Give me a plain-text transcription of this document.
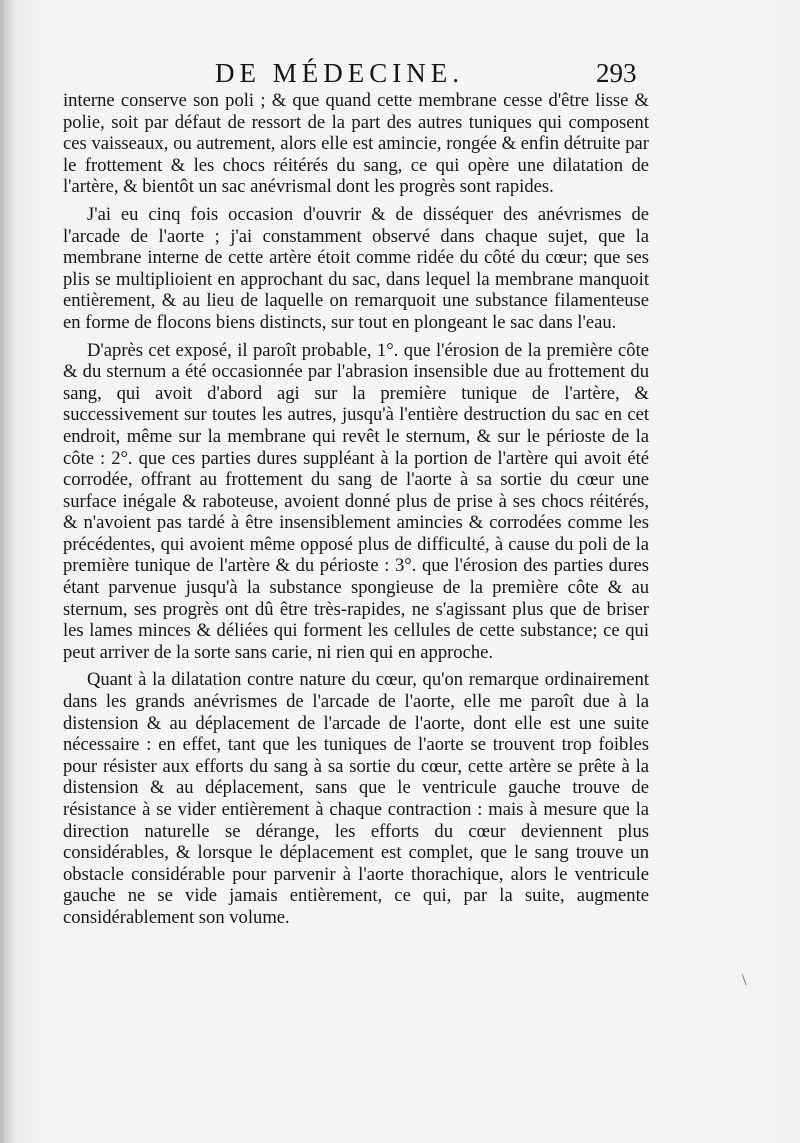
DE MÉDECINE.	293

interne conserve son poli ; & que quand cette membrane cesse d'être lisse & polie, soit par défaut de ressort de la part des autres tuniques qui composent ces vaisseaux, ou autrement, alors elle est amincie, rongée & enfin détruite par le frottement & les chocs réitérés du sang, ce qui opère une dilatation de l'artère, & bientôt un sac anévrismal dont les progrès sont rapides.

J'ai eu cinq fois occasion d'ouvrir & de disséquer des anévrismes de l'arcade de l'aorte ; j'ai constamment observé dans chaque sujet, que la membrane interne de cette artère étoit comme ridée du côté du cœur; que ses plis se multiplioient en approchant du sac, dans lequel la membrane manquoit entièrement, & au lieu de laquelle on remarquoit une substance filamenteuse en forme de flocons biens distincts, sur tout en plongeant le sac dans l'eau.

D'après cet exposé, il paroît probable, 1°. que l'érosion de la première côte & du sternum a été occasionnée par l'abrasion insensible due au frottement du sang, qui avoit d'abord agi sur la première tunique de l'artère, & successivement sur toutes les autres, jusqu'à l'entière destruction du sac en cet endroit, même sur la membrane qui revêt le sternum, & sur le périoste de la côte : 2°. que ces parties dures suppléant à la portion de l'artère qui avoit été corrodée, offrant au frottement du sang de l'aorte à sa sortie du cœur une surface inégale & raboteuse, avoient donné plus de prise à ses chocs réitérés, & n'avoient pas tardé à être insensiblement amincies & corrodées comme les précédentes, qui avoient même opposé plus de difficulté, à cause du poli de la première tunique de l'artère & du périoste : 3°. que l'érosion des parties dures étant parvenue jusqu'à la substance spongieuse de la première côte & au sternum, ses progrès ont dû être très-rapides, ne s'agissant plus que de briser les lames minces & déliées qui forment les cellules de cette substance; ce qui peut arriver de la sorte sans carie, ni rien qui en approche.

Quant à la dilatation contre nature du cœur, qu'on remarque ordinairement dans les grands anévrismes de l'arcade de l'aorte, elle me paroît due à la distension & au déplacement de l'arcade de l'aorte, dont elle est une suite nécessaire : en effet, tant que les tuniques de l'aorte se trouvent trop foibles pour résister aux efforts du sang à sa sortie du cœur, cette artère se prête à la distension & au déplacement, sans que le ventricule gauche trouve de résistance à se vider entièrement à chaque contraction : mais à mesure que la direction naturelle se dérange, les efforts du cœur deviennent plus considérables, & lorsque le déplacement est complet, que le sang trouve un obstacle considérable pour parvenir à l'aorte thorachique, alors le ventricule gauche ne se vide jamais entièrement, ce qui, par la suite, augmente considérablement son volume.

\
